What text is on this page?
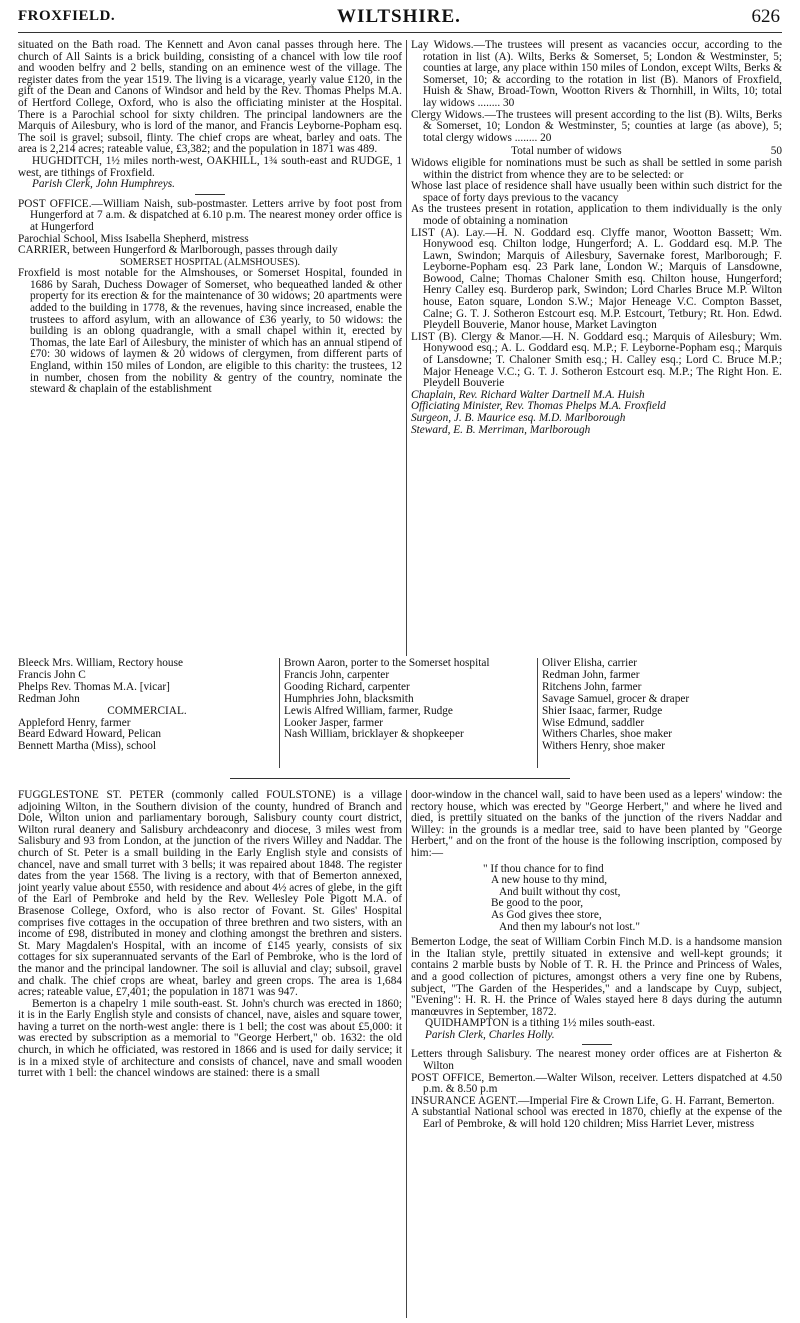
FROXFIELD.	WILTSHIRE.	626

situated on the Bath road. The Kennett and Avon canal passes through here. The church of All Saints is a brick building, consisting of a chancel with low tile roof and wooden belfry and 2 bells, standing on an eminence west of the village. The register dates from the year 1519. The living is a vicarage, yearly value £120, in the gift of the Dean and Canons of Windsor and held by the Rev. Thomas Phelps M.A. of Hertford College, Oxford, who is also the officiating minister at the Hospital. There is a Parochial school for sixty children. The principal landowners are the Marquis of Ailesbury, who is lord of the manor, and Francis Leyborne-Popham esq. The soil is gravel; subsoil, flinty. The chief crops are wheat, barley and oats. The area is 2,214 acres; rateable value, £3,382; and the population in 1871 was 489.

HUGHDITCH, 1½ miles north-west, OAKHILL, 1¾ south-east and RUDGE, 1 west, are tithings of Froxfield.

Parish Clerk, John Humphreys.

POST OFFICE.—William Naish, sub-postmaster. Letters arrive by foot post from Hungerford at 7 a.m. & dispatched at 6.10 p.m. The nearest money order office is at Hungerford

Parochial School, Miss Isabella Shepherd, mistress

CARRIER, between Hungerford & Marlborough, passes through daily

SOMERSET HOSPITAL (ALMSHOUSES).

Froxfield is most notable for the Almshouses, or Somerset Hospital, founded in 1686 by Sarah, Duchess Dowager of Somerset, who bequeathed landed & other property for its erection & for the maintenance of 30 widows; 20 apartments were added to the building in 1778, & the revenues, having since increased, enable the trustees to afford asylum, with an allowance of £36 yearly, to 50 widows: the building is an oblong quadrangle, with a small chapel within it, erected by Thomas, the late Earl of Ailesbury, the minister of which has an annual stipend of £70: 30 widows of laymen & 20 widows of clergymen, from different parts of England, within 150 miles of London, are eligible to this charity: the trustees, 12 in number, chosen from the nobility & gentry of the country, nominate the steward & chaplain of the establishment

Lay Widows.—The trustees will present as vacancies occur, according to the rotation in list (A). Wilts, Berks & Somerset, 5; London & Westminster, 5; counties at large, any place within 150 miles of London, except Wilts, Berks & Somerset, 10; & according to the rotation in list (B). Manors of Froxfield, Huish & Shaw, Broad-Town, Wootton Rivers & Thornhill, in Wilts, 10; total lay widows ........ 30

Clergy Widows.—The trustees will present according to the list (B). Wilts, Berks & Somerset, 10; London & Westminster, 5; counties at large (as above), 5; total clergy widows ........ 20

Total number of widows	50

Widows eligible for nominations must be such as shall be settled in some parish within the district from whence they are to be selected: or

Whose last place of residence shall have usually been within such district for the space of forty days previous to the vacancy

As the trustees present in rotation, application to them individually is the only mode of obtaining a nomination

LIST (A). Lay.—H. N. Goddard esq. Clyffe manor, Wootton Bassett; Wm. Honywood esq. Chilton lodge, Hungerford; A. L. Goddard esq. M.P. The Lawn, Swindon; Marquis of Ailesbury, Savernake forest, Marlborough; F. Leyborne-Popham esq. 23 Park lane, London W.; Marquis of Lansdowne, Bowood, Calne; Thomas Chaloner Smith esq. Chilton house, Hungerford; Henry Calley esq. Burderop park, Swindon; Lord Charles Bruce M.P. Wilton house, Eaton square, London S.W.; Major Heneage V.C. Compton Basset, Calne; G. T. J. Sotheron Estcourt esq. M.P. Estcourt, Tetbury; Rt. Hon. Edwd. Pleydell Bouverie, Manor house, Market Lavington

LIST (B). Clergy & Manor.—H. N. Goddard esq.; Marquis of Ailesbury; Wm. Honywood esq.; A. L. Goddard esq. M.P.; F. Leyborne-Popham esq.; Marquis of Lansdowne; T. Chaloner Smith esq.; H. Calley esq.; Lord C. Bruce M.P.; Major Heneage V.C.; G. T. J. Sotheron Estcourt esq. M.P.; The Right Hon. E. Pleydell Bouverie

Chaplain, Rev. Richard Walter Dartnell M.A. Huish

Officiating Minister, Rev. Thomas Phelps M.A. Froxfield

Surgeon, J. B. Maurice esq. M.D. Marlborough

Steward, E. B. Merriman, Marlborough

Bleeck Mrs. William, Rectory house

Francis John C

Phelps Rev. Thomas M.A. [vicar]

Redman John

COMMERCIAL.

Appleford Henry, farmer

Beard Edward Howard, Pelican

Bennett Martha (Miss), school

Brown Aaron, porter to the Somerset hospital

Francis John, carpenter

Gooding Richard, carpenter

Humphries John, blacksmith

Lewis Alfred William, farmer, Rudge

Looker Jasper, farmer

Nash William, bricklayer & shopkeeper

Oliver Elisha, carrier

Redman John, farmer

Ritchens John, farmer

Savage Samuel, grocer & draper

Shier Isaac, farmer, Rudge

Wise Edmund, saddler

Withers Charles, shoe maker

Withers Henry, shoe maker

FUGGLESTONE ST. PETER (commonly called FOULSTONE) is a village adjoining Wilton, in the Southern division of the county, hundred of Branch and Dole, Wilton union and parliamentary borough, Salisbury county court district, Wilton rural deanery and Salisbury archdeaconry and diocese, 3 miles west from Salisbury and 93 from London, at the junction of the rivers Willey and Naddar. The church of St. Peter is a small building in the Early English style and consists of chancel, nave and small turret with 3 bells; it was repaired about 1848. The register dates from the year 1568. The living is a rectory, with that of Bemerton annexed, joint yearly value about £550, with residence and about 4½ acres of glebe, in the gift of the Earl of Pembroke and held by the Rev. Wellesley Pole Pigott M.A. of Brasenose College, Oxford, who is also rector of Fovant. St. Giles' Hospital comprises five cottages in the occupation of three brethren and two sisters, with an income of £98, distributed in money and clothing amongst the brethren and sisters. St. Mary Magdalen's Hospital, with an income of £145 yearly, consists of six cottages for six superannuated servants of the Earl of Pembroke, who is the lord of the manor and the principal landowner. The soil is alluvial and clay; subsoil, gravel and chalk. The chief crops are wheat, barley and green crops. The area is 1,684 acres; rateable value, £7,401; the population in 1871 was 947.

Bemerton is a chapelry 1 mile south-east. St. John's church was erected in 1860; it is in the Early English style and consists of chancel, nave, aisles and square tower, having a turret on the north-west angle: there is 1 bell; the cost was about £5,000: it was erected by subscription as a memorial to "George Herbert," ob. 1632: the old church, in which he officiated, was restored in 1866 and is used for daily service; it is in a mixed style of architecture and consists of chancel, nave and small wooden turret with 1 bell: the chancel windows are stained: there is a small

door-window in the chancel wall, said to have been used as a lepers' window: the rectory house, which was erected by "George Herbert," and where he lived and died, is prettily situated on the banks of the junction of the rivers Naddar and Willey: in the grounds is a medlar tree, said to have been planted by "George Herbert," and on the front of the house is the following inscription, composed by him:—

" If thou chance for to find

A new house to thy mind,

And built without thy cost,

Be good to the poor,

As God gives thee store,

And then my labour's not lost."

Bemerton Lodge, the seat of William Corbin Finch M.D. is a handsome mansion in the Italian style, prettily situated in extensive and well-kept grounds; it contains 2 marble busts by Noble of T. R. H. the Prince and Princess of Wales, and a good collection of pictures, amongst others a very fine one by Rubens, subject, "The Garden of the Hesperides," and a landscape by Cuyp, subject, "Evening": H. R. H. the Prince of Wales stayed here 8 days during the autumn manœuvres in September, 1872.

QUIDHAMPTON is a tithing 1½ miles south-east.

Parish Clerk, Charles Holly.

Letters through Salisbury. The nearest money order offices are at Fisherton & Wilton

POST OFFICE, Bemerton.—Walter Wilson, receiver. Letters dispatched at 4.50 p.m. & 8.50 p.m

INSURANCE AGENT.—Imperial Fire & Crown Life, G. H. Farrant, Bemerton.

A substantial National school was erected in 1870, chiefly at the expense of the Earl of Pembroke, & will hold 120 children; Miss Harriet Lever, mistress
